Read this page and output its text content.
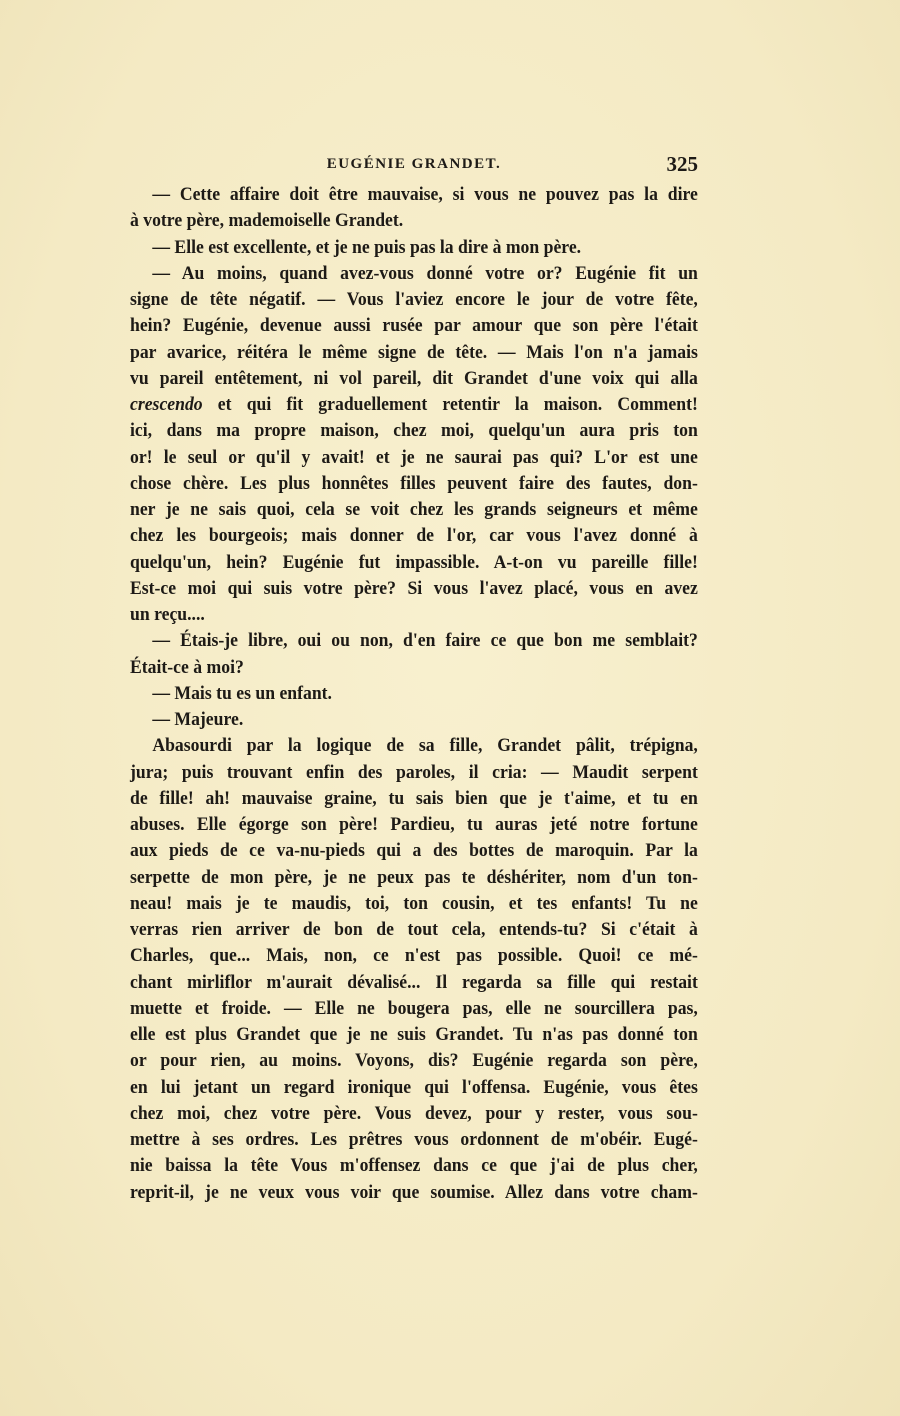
EUGÉNIE GRANDET.	325
— Cette affaire doit être mauvaise, si vous ne pouvez pas la dire
à votre père, mademoiselle Grandet.
— Elle est excellente, et je ne puis pas la dire à mon père.
— Au moins, quand avez-vous donné votre or? Eugénie fit un
signe de tête négatif. — Vous l'aviez encore le jour de votre fête,
hein? Eugénie, devenue aussi rusée par amour que son père l'était
par avarice, réitéra le même signe de tête. — Mais l'on n'a jamais
vu pareil entêtement, ni vol pareil, dit Grandet d'une voix qui alla
crescendo et qui fit graduellement retentir la maison. Comment!
ici, dans ma propre maison, chez moi, quelqu'un aura pris ton
or! le seul or qu'il y avait! et je ne saurai pas qui? L'or est une
chose chère. Les plus honnêtes filles peuvent faire des fautes, don-
ner je ne sais quoi, cela se voit chez les grands seigneurs et même
chez les bourgeois; mais donner de l'or, car vous l'avez donné à
quelqu'un, hein? Eugénie fut impassible. A-t-on vu pareille fille!
Est-ce moi qui suis votre père? Si vous l'avez placé, vous en avez
un reçu....
— Étais-je libre, oui ou non, d'en faire ce que bon me semblait?
Était-ce à moi?
— Mais tu es un enfant.
— Majeure.
Abasourdi par la logique de sa fille, Grandet pâlit, trépigna,
jura; puis trouvant enfin des paroles, il cria: — Maudit serpent
de fille! ah! mauvaise graine, tu sais bien que je t'aime, et tu en
abuses. Elle égorge son père! Pardieu, tu auras jeté notre fortune
aux pieds de ce va-nu-pieds qui a des bottes de maroquin. Par la
serpette de mon père, je ne peux pas te déshériter, nom d'un ton-
neau! mais je te maudis, toi, ton cousin, et tes enfants! Tu ne
verras rien arriver de bon de tout cela, entends-tu? Si c'était à
Charles, que... Mais, non, ce n'est pas possible. Quoi! ce mé-
chant mirliflor m'aurait dévalisé... Il regarda sa fille qui restait
muette et froide. — Elle ne bougera pas, elle ne sourcillera pas,
elle est plus Grandet que je ne suis Grandet. Tu n'as pas donné ton
or pour rien, au moins. Voyons, dis? Eugénie regarda son père,
en lui jetant un regard ironique qui l'offensa. Eugénie, vous êtes
chez moi, chez votre père. Vous devez, pour y rester, vous sou-
mettre à ses ordres. Les prêtres vous ordonnent de m'obéir. Eugé-
nie baissa la tête Vous m'offensez dans ce que j'ai de plus cher,
reprit-il, je ne veux vous voir que soumise. Allez dans votre cham-
